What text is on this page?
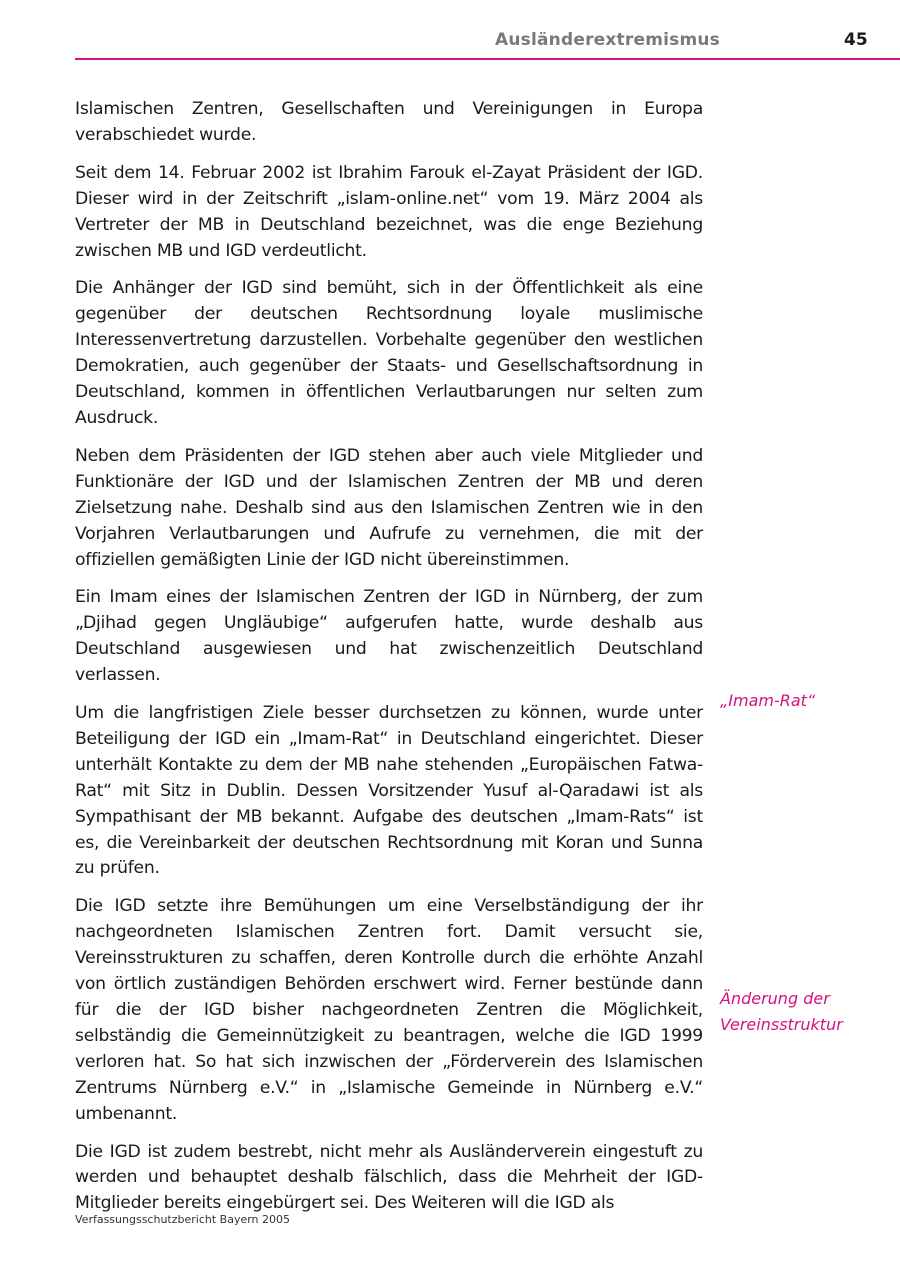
Ausländerextremismus	45

Islamischen Zentren, Gesellschaften und Vereinigungen in Europa verabschiedet wurde.

Seit dem 14. Februar 2002 ist Ibrahim Farouk el-Zayat Präsident der IGD. Dieser wird in der Zeitschrift „islam-online.net“ vom 19. März 2004 als Vertreter der MB in Deutschland bezeichnet, was die enge Beziehung zwischen MB und IGD verdeutlicht.

Die Anhänger der IGD sind bemüht, sich in der Öffentlichkeit als eine gegenüber der deutschen Rechtsordnung loyale muslimische Interessenvertretung darzustellen. Vorbehalte gegenüber den westlichen Demokratien, auch gegenüber der Staats- und Gesellschaftsordnung in Deutschland, kommen in öffentlichen Verlautbarungen nur selten zum Ausdruck.

Neben dem Präsidenten der IGD stehen aber auch viele Mitglieder und Funktionäre der IGD und der Islamischen Zentren der MB und deren Zielsetzung nahe. Deshalb sind aus den Islamischen Zentren wie in den Vorjahren Verlautbarungen und Aufrufe zu vernehmen, die mit der offiziellen gemäßigten Linie der IGD nicht übereinstimmen.

Ein Imam eines der Islamischen Zentren der IGD in Nürnberg, der zum „Djihad gegen Ungläubige“ aufgerufen hatte, wurde deshalb aus Deutschland ausgewiesen und hat zwischenzeitlich Deutschland verlassen.

Um die langfristigen Ziele besser durchsetzen zu können, wurde unter Beteiligung der IGD ein „Imam-Rat“ in Deutschland eingerichtet. Dieser unterhält Kontakte zu dem der MB nahe stehenden „Europäischen Fatwa-Rat“ mit Sitz in Dublin. Dessen Vorsitzender Yusuf al-Qaradawi ist als Sympathisant der MB bekannt. Aufgabe des deutschen „Imam-Rats“ ist es, die Vereinbarkeit der deutschen Rechtsordnung mit Koran und Sunna zu prüfen.

Die IGD setzte ihre Bemühungen um eine Verselbständigung der ihr nachgeordneten Islamischen Zentren fort. Damit versucht sie, Vereinsstrukturen zu schaffen, deren Kontrolle durch die erhöhte Anzahl von örtlich zuständigen Behörden erschwert wird. Ferner bestünde dann für die der IGD bisher nachgeordneten Zentren die Möglichkeit, selbständig die Gemeinnützigkeit zu beantragen, welche die IGD 1999 verloren hat. So hat sich inzwischen der „Förderverein des Islamischen Zentrums Nürnberg e.V.“ in „Islamische Gemeinde in Nürnberg e.V.“ umbenannt.

Die IGD ist zudem bestrebt, nicht mehr als Ausländerverein eingestuft zu werden und behauptet deshalb fälschlich, dass die Mehrheit der IGD-Mitglieder bereits eingebürgert sei. Des Weiteren will die IGD als

„Imam-Rat“
Änderung der Vereinsstruktur
Verfassungsschutzbericht Bayern 2005
